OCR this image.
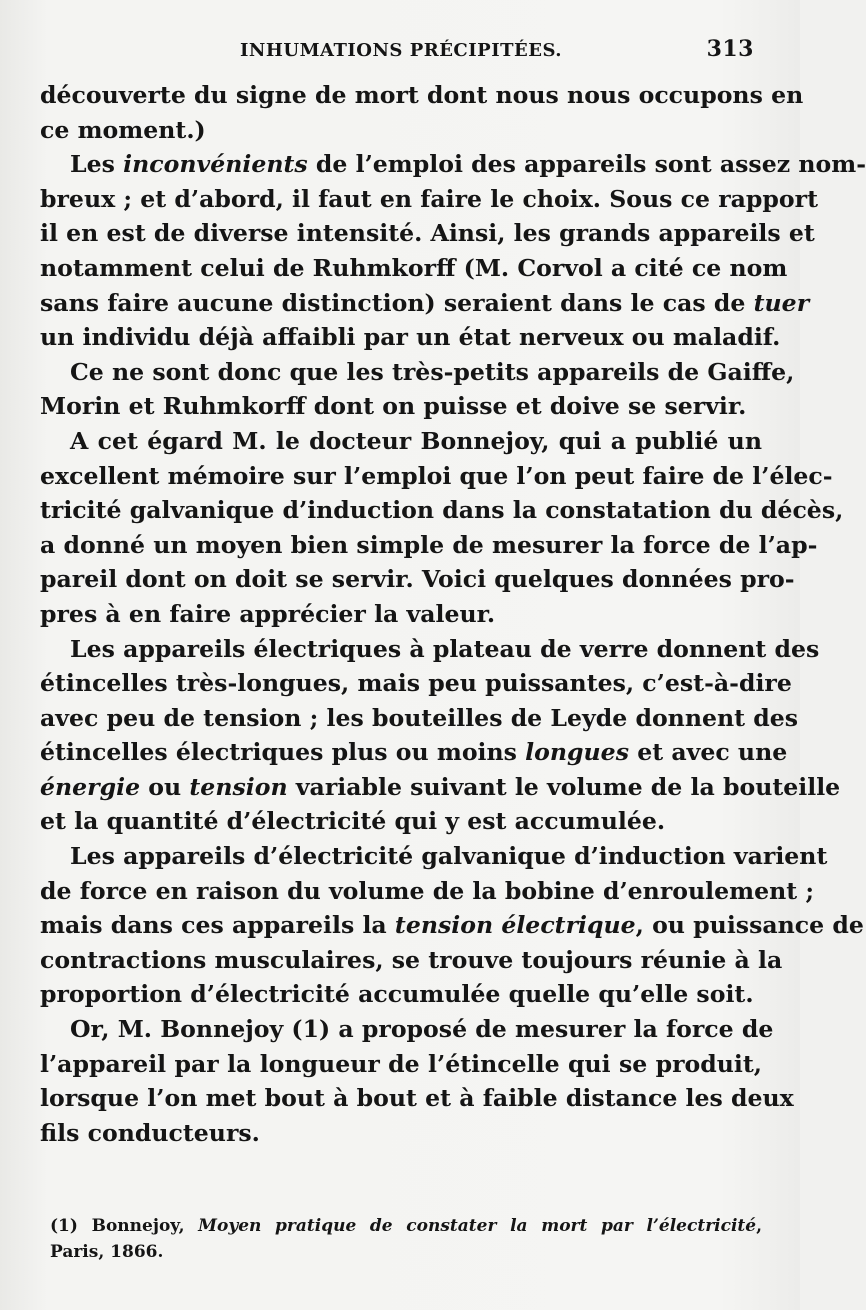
INHUMATIONS PRÉCIPITÉES.	313
découverte du signe de mort dont nous nous occupons en
ce moment.)
Les inconvénients de l’emploi des appareils sont assez nom-
breux ; et d’abord, il faut en faire le choix. Sous ce rapport
il en est de diverse intensité. Ainsi, les grands appareils et
notamment celui de Ruhmkorff (M. Corvol a cité ce nom
sans faire aucune distinction) seraient dans le cas de tuer
un individu déjà affaibli par un état nerveux ou maladif.
Ce ne sont donc que les très-petits appareils de Gaiffe,
Morin et Ruhmkorff dont on puisse et doive se servir.
A cet égard M. le docteur Bonnejoy, qui a publié un
excellent mémoire sur l’emploi que l’on peut faire de l’élec-
tricité galvanique d’induction dans la constatation du décès,
a donné un moyen bien simple de mesurer la force de l’ap-
pareil dont on doit se servir. Voici quelques données pro-
pres à en faire apprécier la valeur.
Les appareils électriques à plateau de verre donnent des
étincelles très-longues, mais peu puissantes, c’est-à-dire
avec peu de tension ; les bouteilles de Leyde donnent des
étincelles électriques plus ou moins longues et avec une
énergie ou tension variable suivant le volume de la bouteille
et la quantité d’électricité qui y est accumulée.
Les appareils d’électricité galvanique d’induction varient
de force en raison du volume de la bobine d’enroulement ;
mais dans ces appareils la tension électrique, ou puissance de
contractions musculaires, se trouve toujours réunie à la
proportion d’électricité accumulée quelle qu’elle soit.
Or, M. Bonnejoy (1) a proposé de mesurer la force de
l’appareil par la longueur de l’étincelle qui se produit,
lorsque l’on met bout à bout et à faible distance les deux
fils conducteurs.
(1) Bonnejoy, Moyen pratique de constater la mort par l’électricité,
Paris, 1866.
